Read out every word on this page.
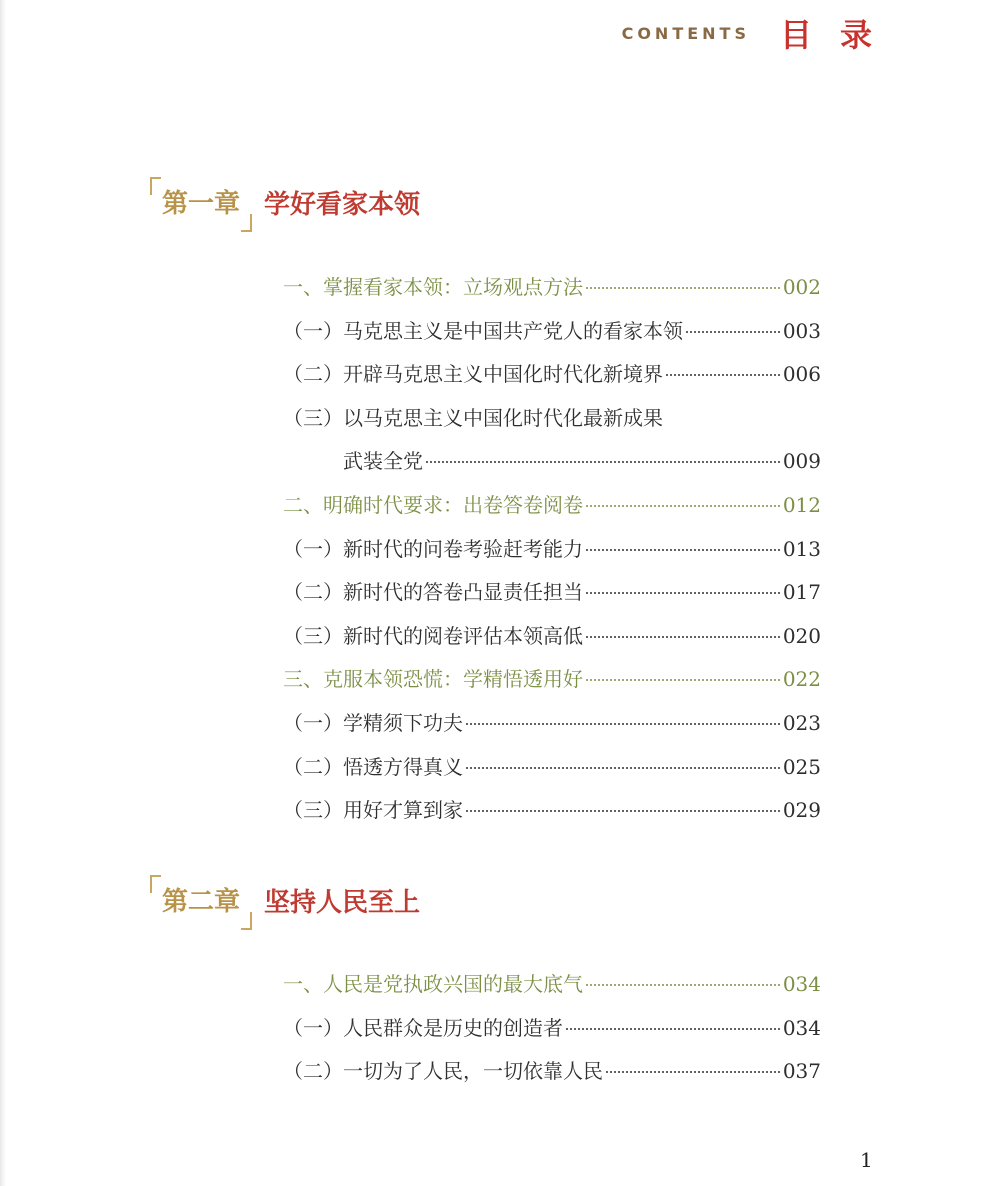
CONTENTS 目录
第一章 学好看家本领
一、掌握看家本领：立场观点方法	002
（一）马克思主义是中国共产党人的看家本领	003
（二）开辟马克思主义中国化时代化新境界	006
（三）以马克思主义中国化时代化最新成果
武装全党	009
二、明确时代要求：出卷答卷阅卷	012
（一）新时代的问卷考验赶考能力	013
（二）新时代的答卷凸显责任担当	017
（三）新时代的阅卷评估本领高低	020
三、克服本领恐慌：学精悟透用好	022
（一）学精须下功夫	023
（二）悟透方得真义	025
（三）用好才算到家	029
第二章 坚持人民至上
一、人民是党执政兴国的最大底气	034
（一）人民群众是历史的创造者	034
（二）一切为了人民，一切依靠人民	037
1
